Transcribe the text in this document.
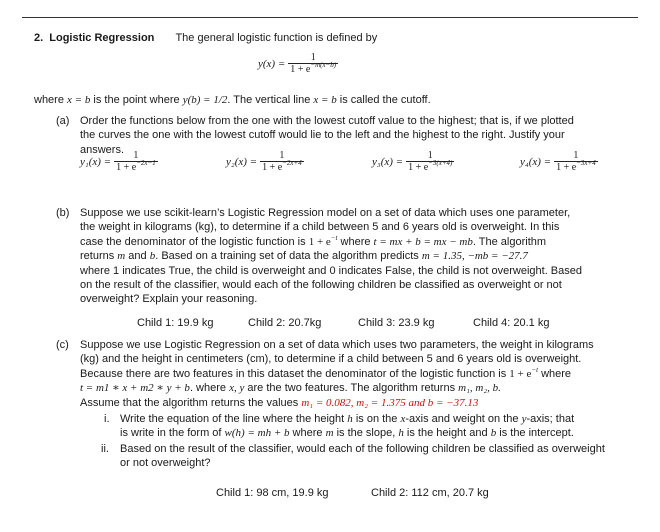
2. Logistic Regression The general logistic function is defined by
$y(x) = \frac{1}{1 + e^{-m(x-b)}}$
where x = b is the point where y(b) = 1/2. The vertical line x = b is called the cutoff.
(a) Order the functions below from the one with the lowest cutoff value to the highest; that is, if we plotted
the curves the one with the lowest cutoff would lie to the left and the highest to the right. Justify your
answers.
$y_1(x) = \frac{1}{1 + e^{-2x-1}}$	$y_2(x) = \frac{1}{1 + e^{-2x+4}}$	$y_3(x) = \frac{1}{1 + e^{-3(x+4)}}$	$y_4(x) = \frac{1}{1 + e^{-3x+4}}$
(b) Suppose we use scikit-learn’s Logistic Regression model on a set of data which uses one parameter,
the weight in kilograms (kg), to determine if a child between 5 and 6 years old is overweight. In this
case the denominator of the logistic function is $1 + e^{-t}$ where t = mx + b = mx − mb. The algorithm
returns m and b. Based on a training set of data the algorithm predicts m = 1.35, −mb = −27.7
where 1 indicates True, the child is overweight and 0 indicates False, the child is not overweight. Based
on the result of the classifier, would each of the following children be classified as overweight or not
overweight? Explain your reasoning.
Child 1: 19.9 kg	Child 2: 20.7kg	Child 3: 23.9 kg	Child 4: 20.1 kg
(c) Suppose we use Logistic Regression on a set of data which uses two parameters, the weight in kilograms
(kg) and the height in centimeters (cm), to determine if a child between 5 and 6 years old is overweight.
Because there are two features in this dataset the denominator of the logistic function is $1 + e^{-t}$ where
t = m1 ∗ x + m2 ∗ y + b. where x, y are the two features. The algorithm returns m₁, m₂, b.
Assume that the algorithm returns the values m₁ = 0.082, m₂ = 1.375 and b = −37.13
i. Write the equation of the line where the height h is on the x-axis and weight on the y-axis; that
is write in the form of w(h) = mh + b where m is the slope, h is the height and b is the intercept.
ii. Based on the result of the classifier, would each of the following children be classified as overweight
or not overweight?
Child 1: 98 cm, 19.9 kg	Child 2: 112 cm, 20.7 kg
